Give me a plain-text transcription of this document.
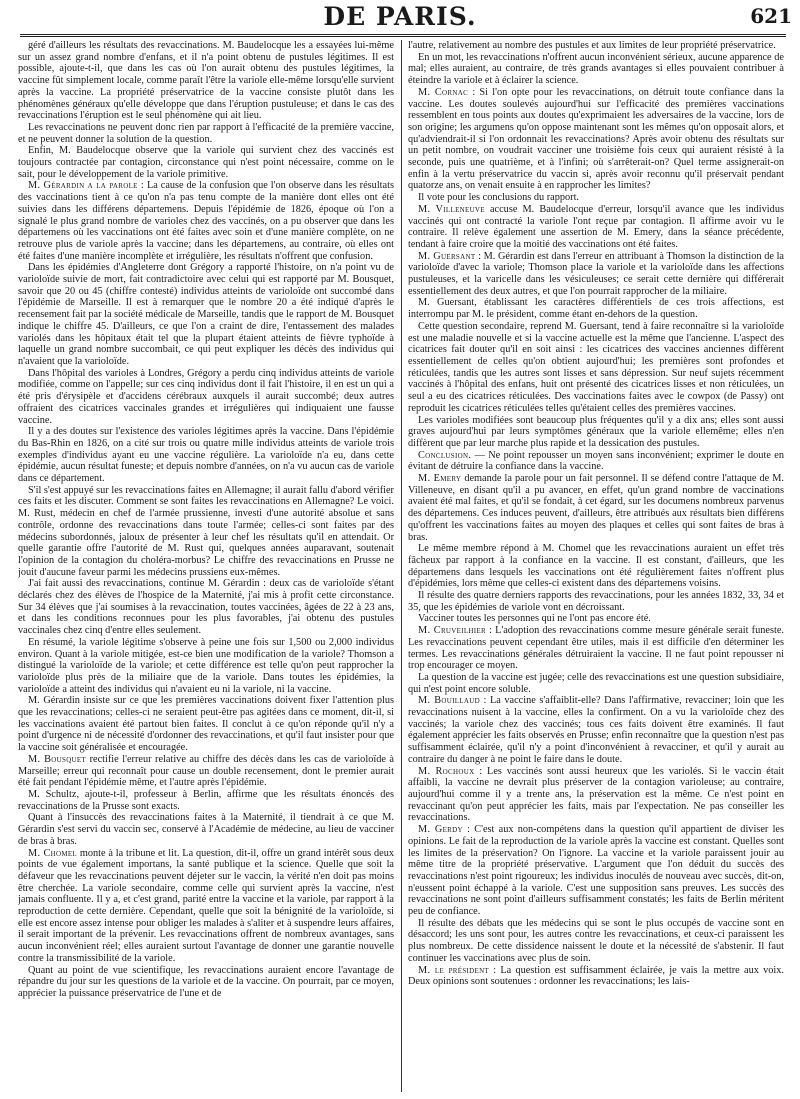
DE PARIS.	621

géré d'ailleurs les résultats des revaccinations. M. Baudelocque les a essayées lui-même sur un assez grand nombre d'enfans, et il n'a point obtenu de pustules légitimes. Il est possible, ajoute-t-il, que dans les cas où l'on aurait obtenu des pustules légitimes, la vaccine fût simplement locale, comme paraît l'être la variole elle-même lorsqu'elle survient après la vaccine. La propriété préservatrice de la vaccine consiste plutôt dans les phénomènes généraux qu'elle développe que dans l'éruption pustuleuse; et dans le cas des revaccinations l'éruption est le seul phénomène qui ait lieu.

Les revaccinations ne peuvent donc rien par rapport à l'efficacité de la première vaccine, et ne peuvent donner la solution de la question.

Enfin, M. Baudelocque observe que la variole qui survient chez des vaccinés est toujours contractée par contagion, circonstance qui n'est point nécessaire, comme on le sait, pour le développement de la variole primitive.

M. Gérardin a la parole : La cause de la confusion que l'on observe dans les résultats des vaccinations tient à ce qu'on n'a pas tenu compte de la manière dont elles ont été suivies dans les différens départemens. Depuis l'épidémie de 1826, époque où l'on a signalé le plus grand nombre de varioles chez des vaccinés, on a pu observer que dans les départemens où les vaccinations ont été faites avec soin et d'une manière complète, on ne retrouve plus de variole après la vaccine; dans les départemens, au contraire, où elles ont été faites d'une manière incomplète et irrégulière, les résultats n'offrent que confusion.

Dans les épidémies d'Angleterre dont Grégory a rapporté l'histoire, on n'a point vu de varioloïde suivie de mort, fait contradictoire avec celui qui est rapporté par M. Bousquet, savoir que 20 ou 45 (chiffre contesté) individus atteints de varioloïde ont succombé dans l'épidémie de Marseille. Il est à remarquer que le nombre 20 a été indiqué d'après le recensement fait par la société médicale de Marseille, tandis que le rapport de M. Bousquet indique le chiffre 45. D'ailleurs, ce que l'on a craint de dire, l'entassement des malades variolés dans les hôpitaux était tel que la plupart étaient atteints de fièvre typhoïde à laquelle un grand nombre succombait, ce qui peut expliquer les décès des individus qui n'avaient que la varioloïde.

Dans l'hôpital des varioles à Londres, Grégory a perdu cinq individus atteints de variole modifiée, comme on l'appelle; sur ces cinq individus dont il fait l'histoire, il en est un qui a été pris d'érysipèle et d'accidens cérébraux auxquels il aurait succombé; deux autres offraient des cicatrices vaccinales grandes et irrégulières qui indiquaient une fausse vaccine.

Il y a des doutes sur l'existence des varioles légitimes après la vaccine. Dans l'épidémie du Bas-Rhin en 1826, on a cité sur trois ou quatre mille individus atteints de variole trois exemples d'individus ayant eu une vaccine régulière. La varioloïde n'a eu, dans cette épidémie, aucun résultat funeste; et depuis nombre d'années, on n'a vu aucun cas de variole dans ce département.

S'il s'est appuyé sur les revaccinations faites en Allemagne; il aurait fallu d'abord vérifier ces faits et les discuter. Comment se sont faites les revaccinations en Allemagne? Le voici. M. Rust, médecin en chef de l'armée prussienne, investi d'une autorité absolue et sans contrôle, ordonne des revaccinations dans toute l'armée; celles-ci sont faites par des médecins subordonnés, jaloux de présenter à leur chef les résultats qu'il en attendait. Or quelle garantie offre l'autorité de M. Rust qui, quelques années auparavant, soutenait l'opinion de la contagion du choléra-morbus? Le chiffre des revaccinations en Prusse ne jouit d'aucune faveur parmi les médecins prussiens eux-mêmes.

J'ai fait aussi des revaccinations, continue M. Gérardin : deux cas de varioloïde s'étant déclarés chez des élèves de l'hospice de la Maternité, j'ai mis à profit cette circonstance. Sur 34 élèves que j'ai soumises à la revaccination, toutes vaccinées, âgées de 22 à 23 ans, et dans les conditions reconnues pour les plus favorables, j'ai obtenu des pustules vaccinales chez cinq d'entre elles seulement.

En résumé, la variole légitime s'observe à peine une fois sur 1,500 ou 2,000 individus environ. Quant à la variole mitigée, est-ce bien une modification de la variole? Thomson a distingué la varioloïde de la variole; et cette différence est telle qu'on peut rapprocher la varioloïde plus près de la miliaire que de la variole. Dans toutes les épidémies, la varioloïde a atteint des individus qui n'avaient eu ni la variole, ni la vaccine.

M. Gérardin insiste sur ce que les premières vaccinations doivent fixer l'attention plus que les revaccinations; celles-ci ne seraient peut-être pas agitées dans ce moment, dit-il, si les vaccinations avaient été partout bien faites. Il conclut à ce qu'on réponde qu'il n'y a point d'urgence ni de nécessité d'ordonner des revaccinations, et qu'il faut insister pour que la vaccine soit généralisée et encouragée.

M. Bousquet rectifie l'erreur relative au chiffre des décès dans les cas de varioloïde à Marseille; erreur qui reconnaît pour cause un double recensement, dont le premier aurait été fait pendant l'épidémie même, et l'autre après l'épidémie.

M. Schultz, ajoute-t-il, professeur à Berlin, affirme que les résultats énoncés des revaccinations de la Prusse sont exacts.

Quant à l'insuccès des revaccinations faites à la Maternité, il tiendrait à ce que M. Gérardin s'est servi du vaccin sec, conservé à l'Académie de médecine, au lieu de vacciner de bras à bras.

M. Chomel monte à la tribune et lit. La question, dit-il, offre un grand intérêt sous deux points de vue également importans, la santé publique et la science. Quelle que soit la défaveur que les revaccinations peuvent déjeter sur le vaccin, la vérité n'en doit pas moins être cherchée. La variole secondaire, comme celle qui survient après la vaccine, n'est jamais confluente. Il y a, et c'est grand, parité entre la vaccine et la variole, par rapport à la reproduction de cette dernière. Cependant, quelle que soit la bénignité de la varioloïde, si elle est encore assez intense pour obliger les malades à s'aliter et à suspendre leurs affaires, il serait important de la prévenir. Les revaccinations offrent de nombreux avantages, sans aucun inconvénient réel; elles auraient surtout l'avantage de donner une garantie nouvelle contre la transmissibilité de la variole.

Quant au point de vue scientifique, les revaccinations auraient encore l'avantage de répandre du jour sur les questions de la variole et de la vaccine. On pourrait, par ce moyen, apprécier la puissance préservatrice de l'une et de

l'autre, relativement au nombre des pustules et aux limites de leur propriété préservatrice.

En un mot, les revaccinations n'offrent aucun inconvénient sérieux, aucune apparence de mal; elles auraient, au contraire, de très grands avantages si elles pouvaient contribuer à éteindre la variole et à éclairer la science.

M. Cornac : Si l'on opte pour les revaccinations, on détruit toute confiance dans la vaccine. Les doutes soulevés aujourd'hui sur l'efficacité des premières vaccinations ressemblent en tous points aux doutes qu'exprimaient les adversaires de la vaccine, lors de son origine; les argumens qu'on oppose maintenant sont les mêmes qu'on opposait alors, et qu'adviendrait-il si l'on ordonnait les revaccinations? Après avoir obtenu des résultats sur un petit nombre, on voudrait vacciner une troisième fois ceux qui auraient résisté à la seconde, puis une quatrième, et à l'infini; où s'arrêterait-on? Quel terme assignerait-on enfin à la vertu préservatrice du vaccin si, après avoir reconnu qu'il préservait pendant quatorze ans, on venait ensuite à en rapprocher les limites?

Il vote pour les conclusions du rapport.

M. Villeneuve accuse M. Baudelocque d'erreur, lorsqu'il avance que les individus vaccinés qui ont contracté la variole l'ont reçue par contagion. Il affirme avoir vu le contraire. Il relève également une assertion de M. Emery, dans la séance précédente, tendant à faire croire que la moitié des vaccinations ont été faites.

M. Guersant : M. Gérardin est dans l'erreur en attribuant à Thomson la distinction de la varioloïde d'avec la variole; Thomson place la variole et la varioloïde dans les affections pustuleuses, et la varicelle dans les vésiculeuses; ce serait cette dernière qui différerait essentiellement des deux autres, et que l'on pourrait rapprocher de la miliaire.

M. Guersant, établissant les caractères différentiels de ces trois affections, est interrompu par M. le président, comme étant en-dehors de la question.

Cette question secondaire, reprend M. Guersant, tend à faire reconnaître si la varioloïde est une maladie nouvelle et si la vaccine actuelle est la même que l'ancienne. L'aspect des cicatrices fait douter qu'il en soit ainsi : les cicatrices des vaccines anciennes diffèrent essentiellement de celles qu'on obtient aujourd'hui; les premières sont profondes et réticulées, tandis que les autres sont lisses et sans dépression. Sur neuf sujets récemment vaccinés à l'hôpital des enfans, huit ont présenté des cicatrices lisses et non réticulées, un seul a eu des cicatrices réticulées. Des vaccinations faites avec le cowpox (de Passy) ont reproduit les cicatrices réticulées telles qu'étaient celles des premières vaccines.

Les varioles modifiées sont beaucoup plus fréquentes qu'il y a dix ans; elles sont aussi graves aujourd'hui par leurs symptômes généraux que la variole ellemême; elles n'en diffèrent que par leur marche plus rapide et la dessication des pustules.

Conclusion. — Ne point repousser un moyen sans inconvénient; exprimer le doute en évitant de détruire la confiance dans la vaccine.

M. Emery demande la parole pour un fait personnel. Il se défend contre l'attaque de M. Villeneuve, en disant qu'il a pu avancer, en effet, qu'un grand nombre de vaccinations avaient été mal faites, et qu'il se fondait, à cet égard, sur les documens nombreux parvenus des départemens. Ces induces peuvent, d'ailleurs, être attribués aux résultats bien différens qu'offrent les vaccinations faites au moyen des plaques et celles qui sont faites de bras à bras.

Le même membre répond à M. Chomel que les revaccinations auraient un effet très fâcheux par rapport à la confiance en la vaccine. Il est constant, d'ailleurs, que les départemens dans lesquels les vaccinations ont été régulièrement faites n'offrent plus d'épidémies, lors même que celles-ci existent dans des départemens voisins.

Il résulte des quatre derniers rapports des revaccinations, pour les années 1832, 33, 34 et 35, que les épidémies de variole vont en décroissant.

Vacciner toutes les personnes qui ne l'ont pas encore été.

M. Cruveilhier : L'adoption des revaccinations comme mesure générale serait funeste. Les revaccinations peuvent cependant être utiles, mais il est difficile d'en déterminer les termes. Les revaccinations générales détruiraient la vaccine. Il ne faut point repousser ni trop encourager ce moyen.

La question de la vaccine est jugée; celle des revaccinations est une question subsidiaire, qui n'est point encore soluble.

M. Bouillaud : La vaccine s'affaiblit-elle? Dans l'affirmative, revacciner; loin que les revaccinations nuisent à la vaccine, elles la confirment. On a vu la varioloïde chez des vaccinés; la variole chez des vaccinés; tous ces faits doivent être examinés. Il faut également apprécier les faits observés en Prusse; enfin reconnaître que la question n'est pas suffisamment éclairée, qu'il n'y a point d'inconvénient à revacciner, et qu'il y aurait au contraire du danger à ne point le faire dans le doute.

M. Rochoux : Les vaccinés sont aussi heureux que les variolés. Si le vaccin était affaibli, la vaccine ne devrait plus préserver de la contagion varioleuse; au contraire, aujourd'hui comme il y a trente ans, la préservation est la même. Ce n'est point en revaccinant qu'on peut apprécier les faits, mais par l'expectation. Ne pas conseiller les revaccinations.

M. Gerdy : C'est aux non-compétens dans la question qu'il appartient de diviser les opinions. Le fait de la reproduction de la variole après la vaccine est constant. Quelles sont les limites de la préservation? On l'ignore. La vaccine et la variole paraissent jouir au même titre de la propriété préservative. L'argument que l'on déduit du succès des revaccinations n'est point rigoureux; les individus inoculés de nouveau avec succès, dit-on, n'eussent point échappé à la variole. C'est une supposition sans preuves. Les succès des revaccinations ne sont point d'ailleurs suffisamment constatés; les faits de Berlin méritent peu de confiance.

Il résulte des débats que les médecins qui se sont le plus occupés de vaccine sont en désaccord; les uns sont pour, les autres contre les revaccinations, et ceux-ci paraissent les plus nombreux. De cette dissidence naissent le doute et la nécessité de s'abstenir. Il faut continuer les vaccinations avec plus de soin.

M. le président : La question est suffisamment éclairée, je vais la mettre aux voix. Deux opinions sont soutenues : ordonner les revaccinations; les lais-
